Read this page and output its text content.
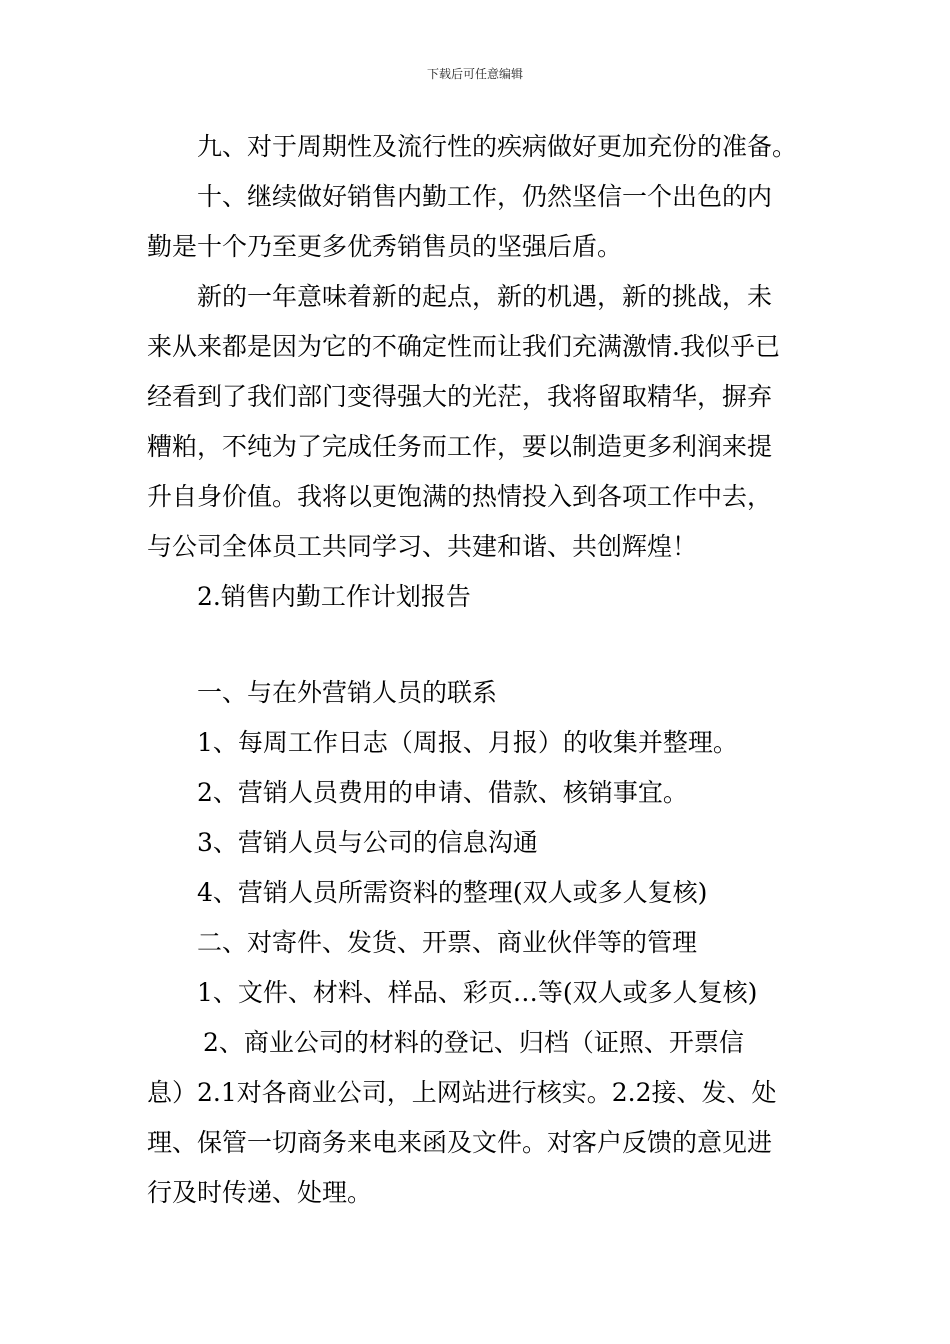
下载后可任意编辑

九、对于周期性及流行性的疾病做好更加充份的准备。

十、继续做好销售内勤工作，仍然坚信一个出色的内

勤是十个乃至更多优秀销售员的坚强后盾。

新的一年意味着新的起点，新的机遇，新的挑战，未

来从来都是因为它的不确定性而让我们充满激情.我似乎已

经看到了我们部门变得强大的光茫，我将留取精华，摒弃

糟粕，不纯为了完成任务而工作，要以制造更多利润来提

升自身价值。我将以更饱满的热情投入到各项工作中去，

与公司全体员工共同学习、共建和谐、共创辉煌！

2.销售内勤工作计划报告

一、与在外营销人员的联系

1、每周工作日志（周报、月报）的收集并整理。

2、营销人员费用的申请、借款、核销事宜。

3、营销人员与公司的信息沟通

4、营销人员所需资料的整理(双人或多人复核)

二、对寄件、发货、开票、商业伙伴等的管理

1、文件、材料、样品、彩页…等(双人或多人复核)

2、商业公司的材料的登记、归档（证照、开票信

息）2.1对各商业公司，上网站进行核实。2.2接、发、处

理、保管一切商务来电来函及文件。对客户反馈的意见进

行及时传递、处理。
